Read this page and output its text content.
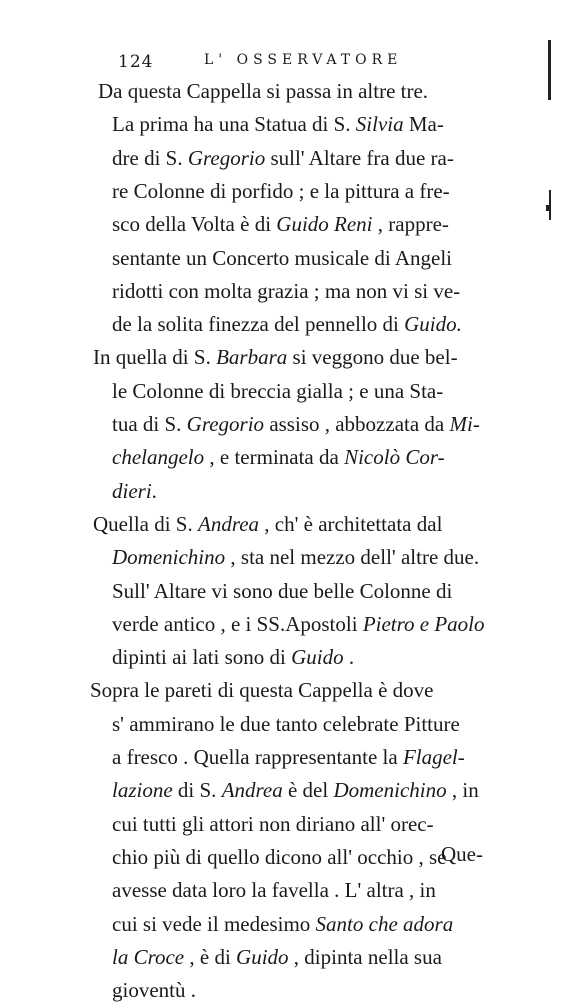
124	L' OSSERVATORE
Da questa Cappella si passa in altre tre.
La prima ha una Statua di S. Silvia Ma-
dre di S. Gregorio sull' Altare fra due ra-
re Colonne di porfido ; e la pittura a fre-
sco della Volta è di Guido Reni , rappre-
sentante un Concerto musicale di Angeli
ridotti con molta grazia ; ma non vi si ve-
de la solita finezza del pennello di Guido.
In quella di S. Barbara si veggono due bel-
le Colonne di breccia gialla ; e una Sta-
tua di S. Gregorio assiso , abbozzata da Mi-
chelangelo , e terminata da Nicolò Cor-
dieri.
Quella di S. Andrea , ch' è architettata dal
Domenichino , sta nel mezzo dell' altre due.
Sull' Altare vi sono due belle Colonne di
verde antico , e i SS.Apostoli Pietro e Paolo
dipinti ai lati sono di Guido .
Sopra le pareti di questa Cappella è dove
s' ammirano le due tanto celebrate Pitture
a fresco . Quella rappresentante la Flagel-
lazione di S. Andrea è del Domenichino , in
cui tutti gli attori non diriano all' orec-
chio più di quello dicono all' occhio , se
avesse data loro la favella . L' altra , in
cui si vede il medesimo Santo che adora
la Croce , è di Guido , dipinta nella sua
gioventù .
Que-
